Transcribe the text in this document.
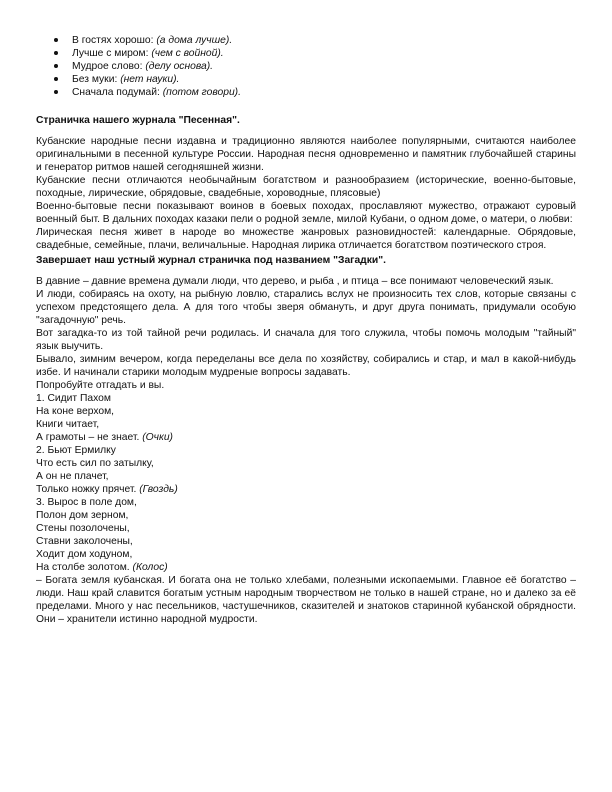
В гостях хорошо: (а дома лучше).
Лучше с миром: (чем с войной).
Мудрое слово: (делу основа).
Без муки: (нет науки).
Сначала подумай: (потом говори).
Страничка нашего журнала "Песенная".

Кубанские народные песни издавна и традиционно являются наиболее популярными, считаются наиболее оригинальными в песенной культуре России. Народная песня одновременно и памятник глубочайшей старины и генератор ритмов нашей сегодняшней жизни.

Кубанские песни отличаются необычайным богатством и разнообразием (исторические, военно-бытовые, походные, лирические, обрядовые, свадебные, хороводные, плясовые)

Военно-бытовые песни показывают воинов в боевых походах, прославляют мужество, отражают суровый военный быт. В дальних походах казаки пели о родной земле, милой Кубани, о одном доме, о матери, о любви:

Лирическая песня живет в народе во множестве жанровых разновидностей: календарные. Обрядовые, свадебные, семейные, плачи, величальные. Народная лирика отличается богатством поэтического строя.

Завершает наш устный журнал страничка под названием "Загадки".

В давние – давние времена думали люди, что дерево, и рыба , и птица – все понимают человеческий язык.

И люди, собираясь на охоту, на рыбную ловлю, старались вслух не произносить тех слов, которые связаны с успехом предстоящего дела. А для того чтобы зверя обмануть, и друг друга понимать, придумали особую "загадочную" речь.

Вот загадка-то из той тайной речи родилась. И сначала для того служила, чтобы помочь молодым "тайный" язык выучить.

Бывало, зимним вечером, когда переделаны все дела по хозяйству, собирались и стар, и мал в какой-нибудь избе. И начинали старики молодым мудреные вопросы задавать.

Попробуйте отгадать и вы.

1. Сидит Пахом
На коне верхом,
Книги читает,
А грамоты – не знает. (Очки)
2. Бьют Ермилку
Что есть сил по затылку,
А он не плачет,
Только ножку прячет. (Гвоздь)
3. Вырос в поле дом,
Полон дом зерном,
Стены позолочены,
Ставни заколочены,
Ходит дом ходуном,
На столбе золотом. (Колос)

– Богата земля кубанская. И богата она не только хлебами, полезными ископаемыми. Главное её богатство – люди. Наш край славится богатым устным народным творчеством не только в нашей стране, но и далеко за её пределами. Много у нас песельников, частушечников, сказителей и знатоков старинной кубанской обрядности. Они – хранители истинно народной мудрости.
